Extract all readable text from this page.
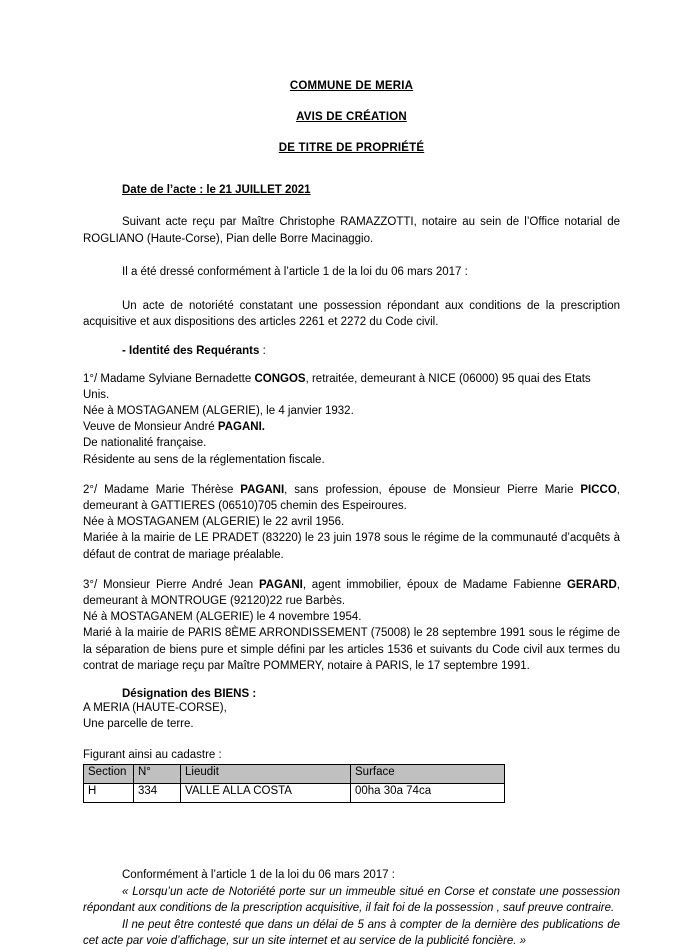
COMMUNE DE MERIA
AVIS DE CRÉATION
DE TITRE DE PROPRIÉTÉ
Date de l’acte : le 21 JUILLET 2021

Suivant acte reçu par Maître Christophe RAMAZZOTTI, notaire au sein de l’Office notarial de ROGLIANO (Haute-Corse), Pian delle Borre Macinaggio.

Il a été dressé conformément à l’article 1 de la loi du 06 mars 2017 :

Un acte de notoriété constatant une possession répondant aux conditions de la prescription acquisitive et aux dispositions des articles 2261 et 2272 du Code civil.

- Identité des Requérants :
1°/ Madame Sylviane Bernadette CONGOS, retraitée, demeurant à NICE (06000) 95 quai des Etats Unis.
Née à MOSTAGANEM (ALGERIE), le 4 janvier 1932.
Veuve de Monsieur André PAGANI.
De nationalité française.
Résidente au sens de la réglementation fiscale.
2°/ Madame Marie Thérèse PAGANI, sans profession, épouse de Monsieur Pierre Marie PICCO, demeurant à GATTIERES (06510)705 chemin des Espeiroures.
Née à MOSTAGANEM (ALGERIE) le 22 avril 1956.
Mariée à la mairie de LE PRADET (83220) le 23 juin 1978 sous le régime de la communauté d’acquêts à défaut de contrat de mariage préalable.
3°/ Monsieur Pierre André Jean PAGANI, agent immobilier, époux de Madame Fabienne GERARD, demeurant à MONTROUGE (92120)22 rue Barbès.
Né à MOSTAGANEM (ALGERIE) le 4 novembre 1954.
Marié à la mairie de PARIS 8ÈME ARRONDISSEMENT (75008) le 28 septembre 1991 sous le régime de la séparation de biens pure et simple défini par les articles 1536 et suivants du Code civil aux termes du contrat de mariage reçu par Maître POMMERY, notaire à PARIS, le 17 septembre 1991.
Désignation des BIENS :
A MERIA (HAUTE-CORSE),
Une parcelle de terre.
Figurant ainsi au cadastre :
Section	N°	Lieudit	Surface
H	334	VALLE ALLA COSTA	00ha 30a 74ca

Conformément à l’article 1 de la loi du 06 mars 2017 :

« Lorsqu’un acte de Notoriété porte sur un immeuble situé en Corse et constate une possession répondant aux conditions de la prescription acquisitive, il fait foi de la possession , sauf preuve contraire.

Il ne peut être contesté que dans un délai de 5 ans à compter de la dernière des publications de cet acte par voie d’affichage, sur un site internet et au service de la publicité foncière. »
